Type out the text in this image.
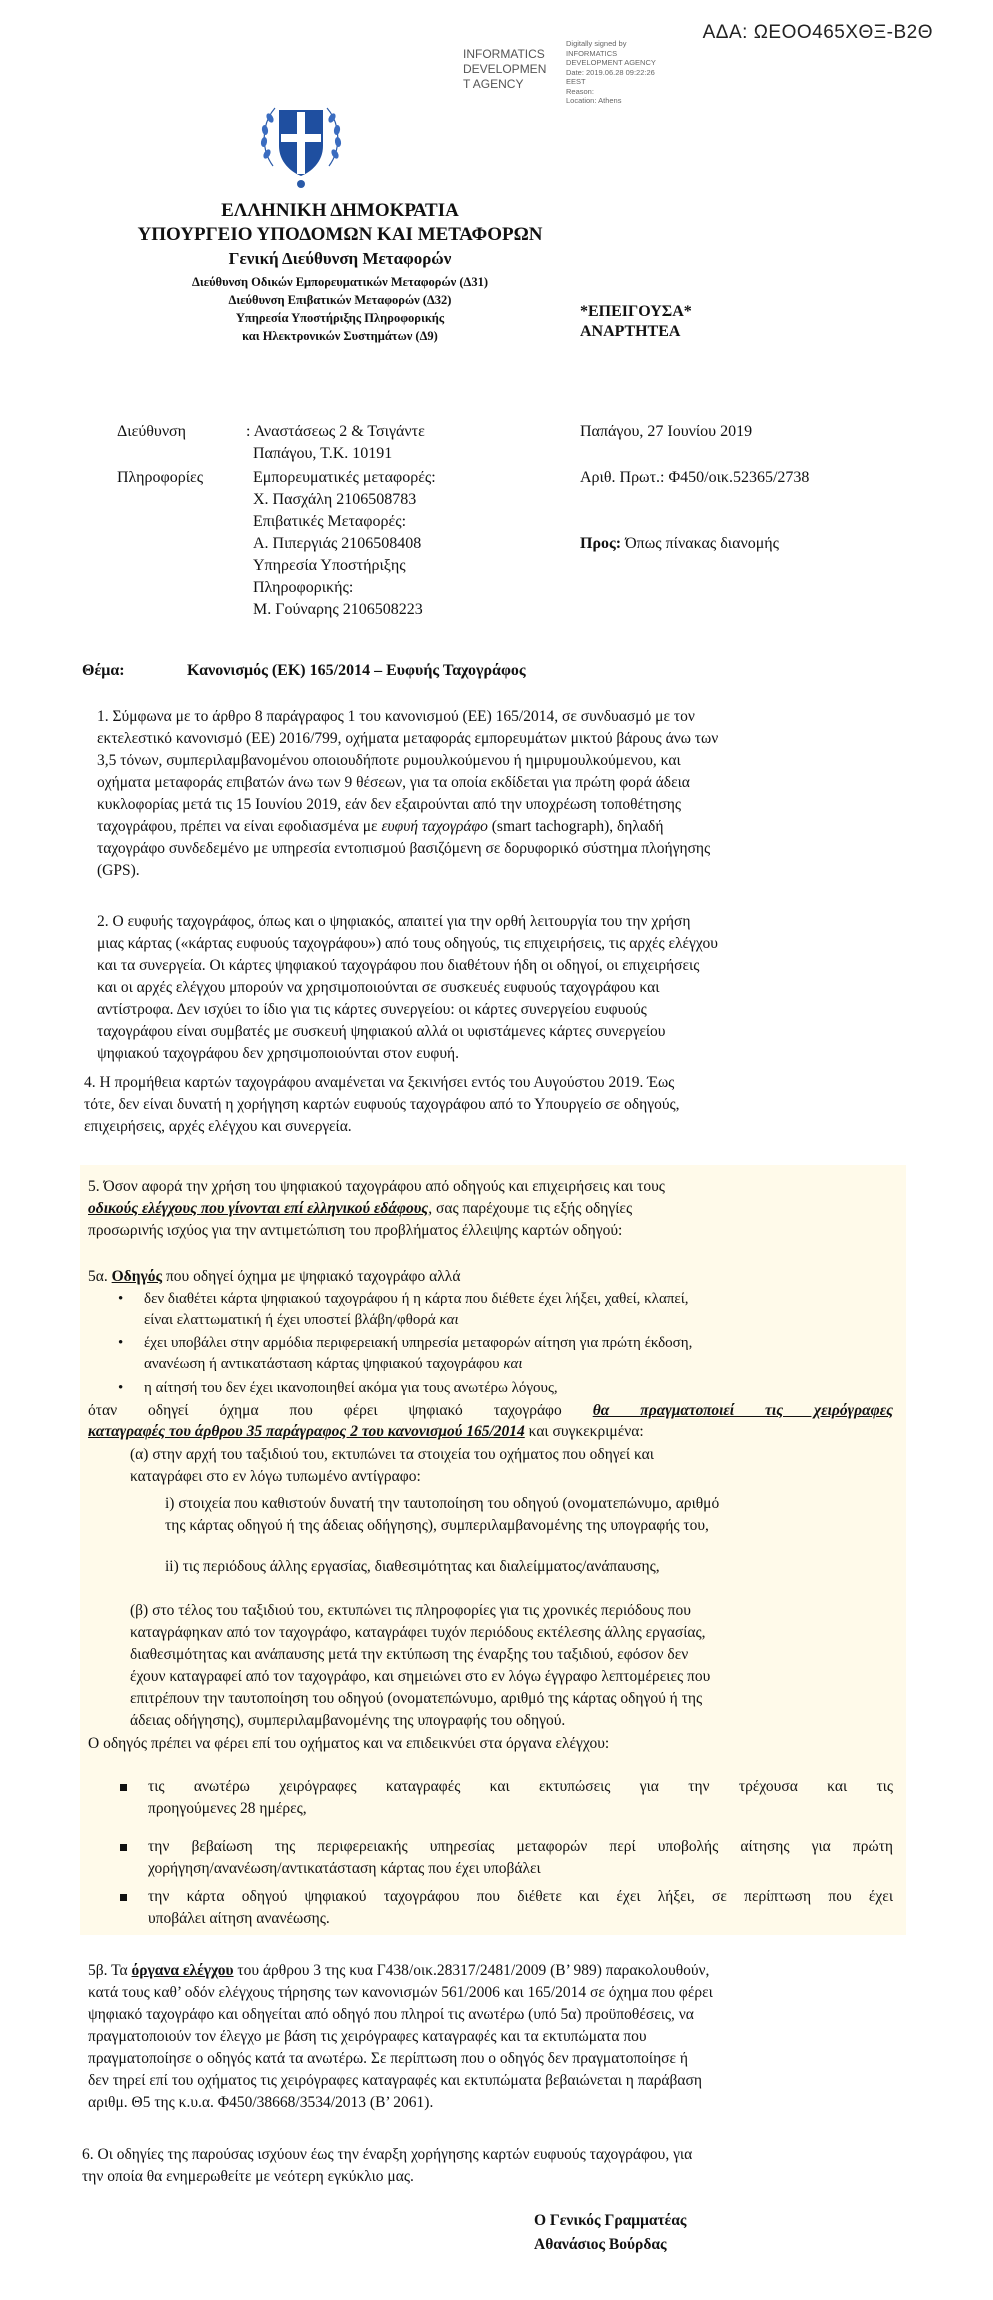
ΑΔΑ: ΩΕΟΟ465ΧΘΞ-Β2Θ
INFORMATICS
DEVELOPMEN
T AGENCY
Digitally signed by
INFORMATICS
DEVELOPMENT AGENCY
Date: 2019.06.28 09:22:26
EEST
Reason:
Location: Athens
ΕΛΛΗΝΙΚΗ ΔΗΜΟΚΡΑΤΙΑ
ΥΠΟΥΡΓΕΙΟ ΥΠΟΔΟΜΩΝ ΚΑΙ ΜΕΤΑΦΟΡΩΝ
Γενική Διεύθυνση Μεταφορών
Διεύθυνση Οδικών Εμπορευματικών Μεταφορών (Δ31)
Διεύθυνση Επιβατικών Μεταφορών (Δ32)
Υπηρεσία Υποστήριξης Πληροφορικής
και Ηλεκτρονικών Συστημάτων (Δ9)
*ΕΠΕΙΓΟΥΣΑ*
ΑΝΑΡΤΗΤΕΑ
Διεύθυνση	: Αναστάσεως 2 & Τσιγάντε
Παπάγου, Τ.Κ. 10191
Πληροφορίες	Εμπορευματικές μεταφορές:
Χ. Πασχάλη 2106508783
Επιβατικές Μεταφορές:
Α. Πιπεργιάς 2106508408
Υπηρεσία Υποστήριξης
Πληροφορικής:
Μ. Γούναρης 2106508223
Παπάγου, 27 Ιουνίου 2019
Αριθ. Πρωτ.: Φ450/οικ.52365/2738
Προς: Όπως πίνακας διανομής
Θέμα:	Κανονισμός (ΕΚ) 165/2014 – Ευφυής Ταχογράφος
1. Σύμφωνα με το άρθρο 8 παράγραφος 1 του κανονισμού (ΕΕ) 165/2014, σε συνδυασμό με τον
εκτελεστικό κανονισμό (ΕΕ) 2016/799, οχήματα μεταφοράς εμπορευμάτων μικτού βάρους άνω των
3,5 τόνων, συμπεριλαμβανομένου οποιουδήποτε ρυμουλκούμενου ή ημιρυμουλκούμενου, και
οχήματα μεταφοράς επιβατών άνω των 9 θέσεων, για τα οποία εκδίδεται για πρώτη φορά άδεια
κυκλοφορίας μετά τις 15 Ιουνίου 2019, εάν δεν εξαιρούνται από την υποχρέωση τοποθέτησης
ταχογράφου, πρέπει να είναι εφοδιασμένα με ευφυή ταχογράφο (smart tachograph), δηλαδή
ταχογράφο συνδεδεμένο με υπηρεσία εντοπισμού βασιζόμενη σε δορυφορικό σύστημα πλοήγησης
(GPS).
2. Ο ευφυής ταχογράφος, όπως και ο ψηφιακός, απαιτεί για την ορθή λειτουργία του την χρήση
μιας κάρτας («κάρτας ευφυούς ταχογράφου») από τους οδηγούς, τις επιχειρήσεις, τις αρχές ελέγχου
και τα συνεργεία. Οι κάρτες ψηφιακού ταχογράφου που διαθέτουν ήδη οι οδηγοί, οι επιχειρήσεις
και οι αρχές ελέγχου μπορούν να χρησιμοποιούνται σε συσκευές ευφυούς ταχογράφου και
αντίστροφα. Δεν ισχύει το ίδιο για τις κάρτες συνεργείου: οι κάρτες συνεργείου ευφυούς
ταχογράφου είναι συμβατές με συσκευή ψηφιακού αλλά οι υφιστάμενες κάρτες συνεργείου
ψηφιακού ταχογράφου δεν χρησιμοποιούνται στον ευφυή.
4. Η προμήθεια καρτών ταχογράφου αναμένεται να ξεκινήσει εντός του Αυγούστου 2019. Έως
τότε, δεν είναι δυνατή η χορήγηση καρτών ευφυούς ταχογράφου από το Υπουργείο σε οδηγούς,
επιχειρήσεις, αρχές ελέγχου και συνεργεία.
5. Όσον αφορά την χρήση του ψηφιακού ταχογράφου από οδηγούς και επιχειρήσεις και τους
οδικούς ελέγχους που γίνονται επί ελληνικού εδάφους, σας παρέχουμε τις εξής οδηγίες
προσωρινής ισχύος για την αντιμετώπιση του προβλήματος έλλειψης καρτών οδηγού:
5α. Οδηγός που οδηγεί όχημα με ψηφιακό ταχογράφο αλλά
• δεν διαθέτει κάρτα ψηφιακού ταχογράφου ή η κάρτα που διέθετε έχει λήξει, χαθεί, κλαπεί,
είναι ελαττωματική ή έχει υποστεί βλάβη/φθορά και
• έχει υποβάλει στην αρμόδια περιφερειακή υπηρεσία μεταφορών αίτηση για πρώτη έκδοση,
ανανέωση ή αντικατάσταση κάρτας ψηφιακού ταχογράφου και
• η αίτησή του δεν έχει ικανοποιηθεί ακόμα για τους ανωτέρω λόγους,
όταν οδηγεί όχημα που φέρει ψηφιακό ταχογράφο θα πραγματοποιεί τις χειρόγραφες
καταγραφές του άρθρου 35 παράγραφος 2 του κανονισμού 165/2014 και συγκεκριμένα:
(α) στην αρχή του ταξιδιού του, εκτυπώνει τα στοιχεία του οχήματος που οδηγεί και
καταγράφει στο εν λόγω τυπωμένο αντίγραφο:
i) στοιχεία που καθιστούν δυνατή την ταυτοποίηση του οδηγού (ονοματεπώνυμο, αριθμό
της κάρτας οδηγού ή της άδειας οδήγησης), συμπεριλαμβανομένης της υπογραφής του,
ii) τις περιόδους άλλης εργασίας, διαθεσιμότητας και διαλείμματος/ανάπαυσης,
(β) στο τέλος του ταξιδιού του, εκτυπώνει τις πληροφορίες για τις χρονικές περιόδους που
καταγράφηκαν από τον ταχογράφο, καταγράφει τυχόν περιόδους εκτέλεσης άλλης εργασίας,
διαθεσιμότητας και ανάπαυσης μετά την εκτύπωση της έναρξης του ταξιδιού, εφόσον δεν
έχουν καταγραφεί από τον ταχογράφο, και σημειώνει στο εν λόγω έγγραφο λεπτομέρειες που
επιτρέπουν την ταυτοποίηση του οδηγού (ονοματεπώνυμο, αριθμό της κάρτας οδηγού ή της
άδειας οδήγησης), συμπεριλαμβανομένης της υπογραφής του οδηγού.
Ο οδηγός πρέπει να φέρει επί του οχήματος και να επιδεικνύει στα όργανα ελέγχου:
τις ανωτέρω χειρόγραφες καταγραφές και εκτυπώσεις για την τρέχουσα και τις
προηγούμενες 28 ημέρες,
την βεβαίωση της περιφερειακής υπηρεσίας μεταφορών περί υποβολής αίτησης για πρώτη
χορήγηση/ανανέωση/αντικατάσταση κάρτας που έχει υποβάλει
την κάρτα οδηγού ψηφιακού ταχογράφου που διέθετε και έχει λήξει, σε περίπτωση που έχει
υποβάλει αίτηση ανανέωσης.
5β. Τα όργανα ελέγχου του άρθρου 3 της κυα Γ438/οικ.28317/2481/2009 (Β’ 989) παρακολουθούν,
κατά τους καθ’ οδόν ελέγχους τήρησης των κανονισμών 561/2006 και 165/2014 σε όχημα που φέρει
ψηφιακό ταχογράφο και οδηγείται από οδηγό που πληροί τις ανωτέρω (υπό 5α) προϋποθέσεις, να
πραγματοποιούν τον έλεγχο με βάση τις χειρόγραφες καταγραφές και τα εκτυπώματα που
πραγματοποίησε ο οδηγός κατά τα ανωτέρω. Σε περίπτωση που ο οδηγός δεν πραγματοποίησε ή
δεν τηρεί επί του οχήματος τις χειρόγραφες καταγραφές και εκτυπώματα βεβαιώνεται η παράβαση
αριθμ. Θ5 της κ.υ.α. Φ450/38668/3534/2013 (Β’ 2061).
6. Οι οδηγίες της παρούσας ισχύουν έως την έναρξη χορήγησης καρτών ευφυούς ταχογράφου, για
την οποία θα ενημερωθείτε με νεότερη εγκύκλιο μας.
Ο Γενικός Γραμματέας
Αθανάσιος Βούρδας
